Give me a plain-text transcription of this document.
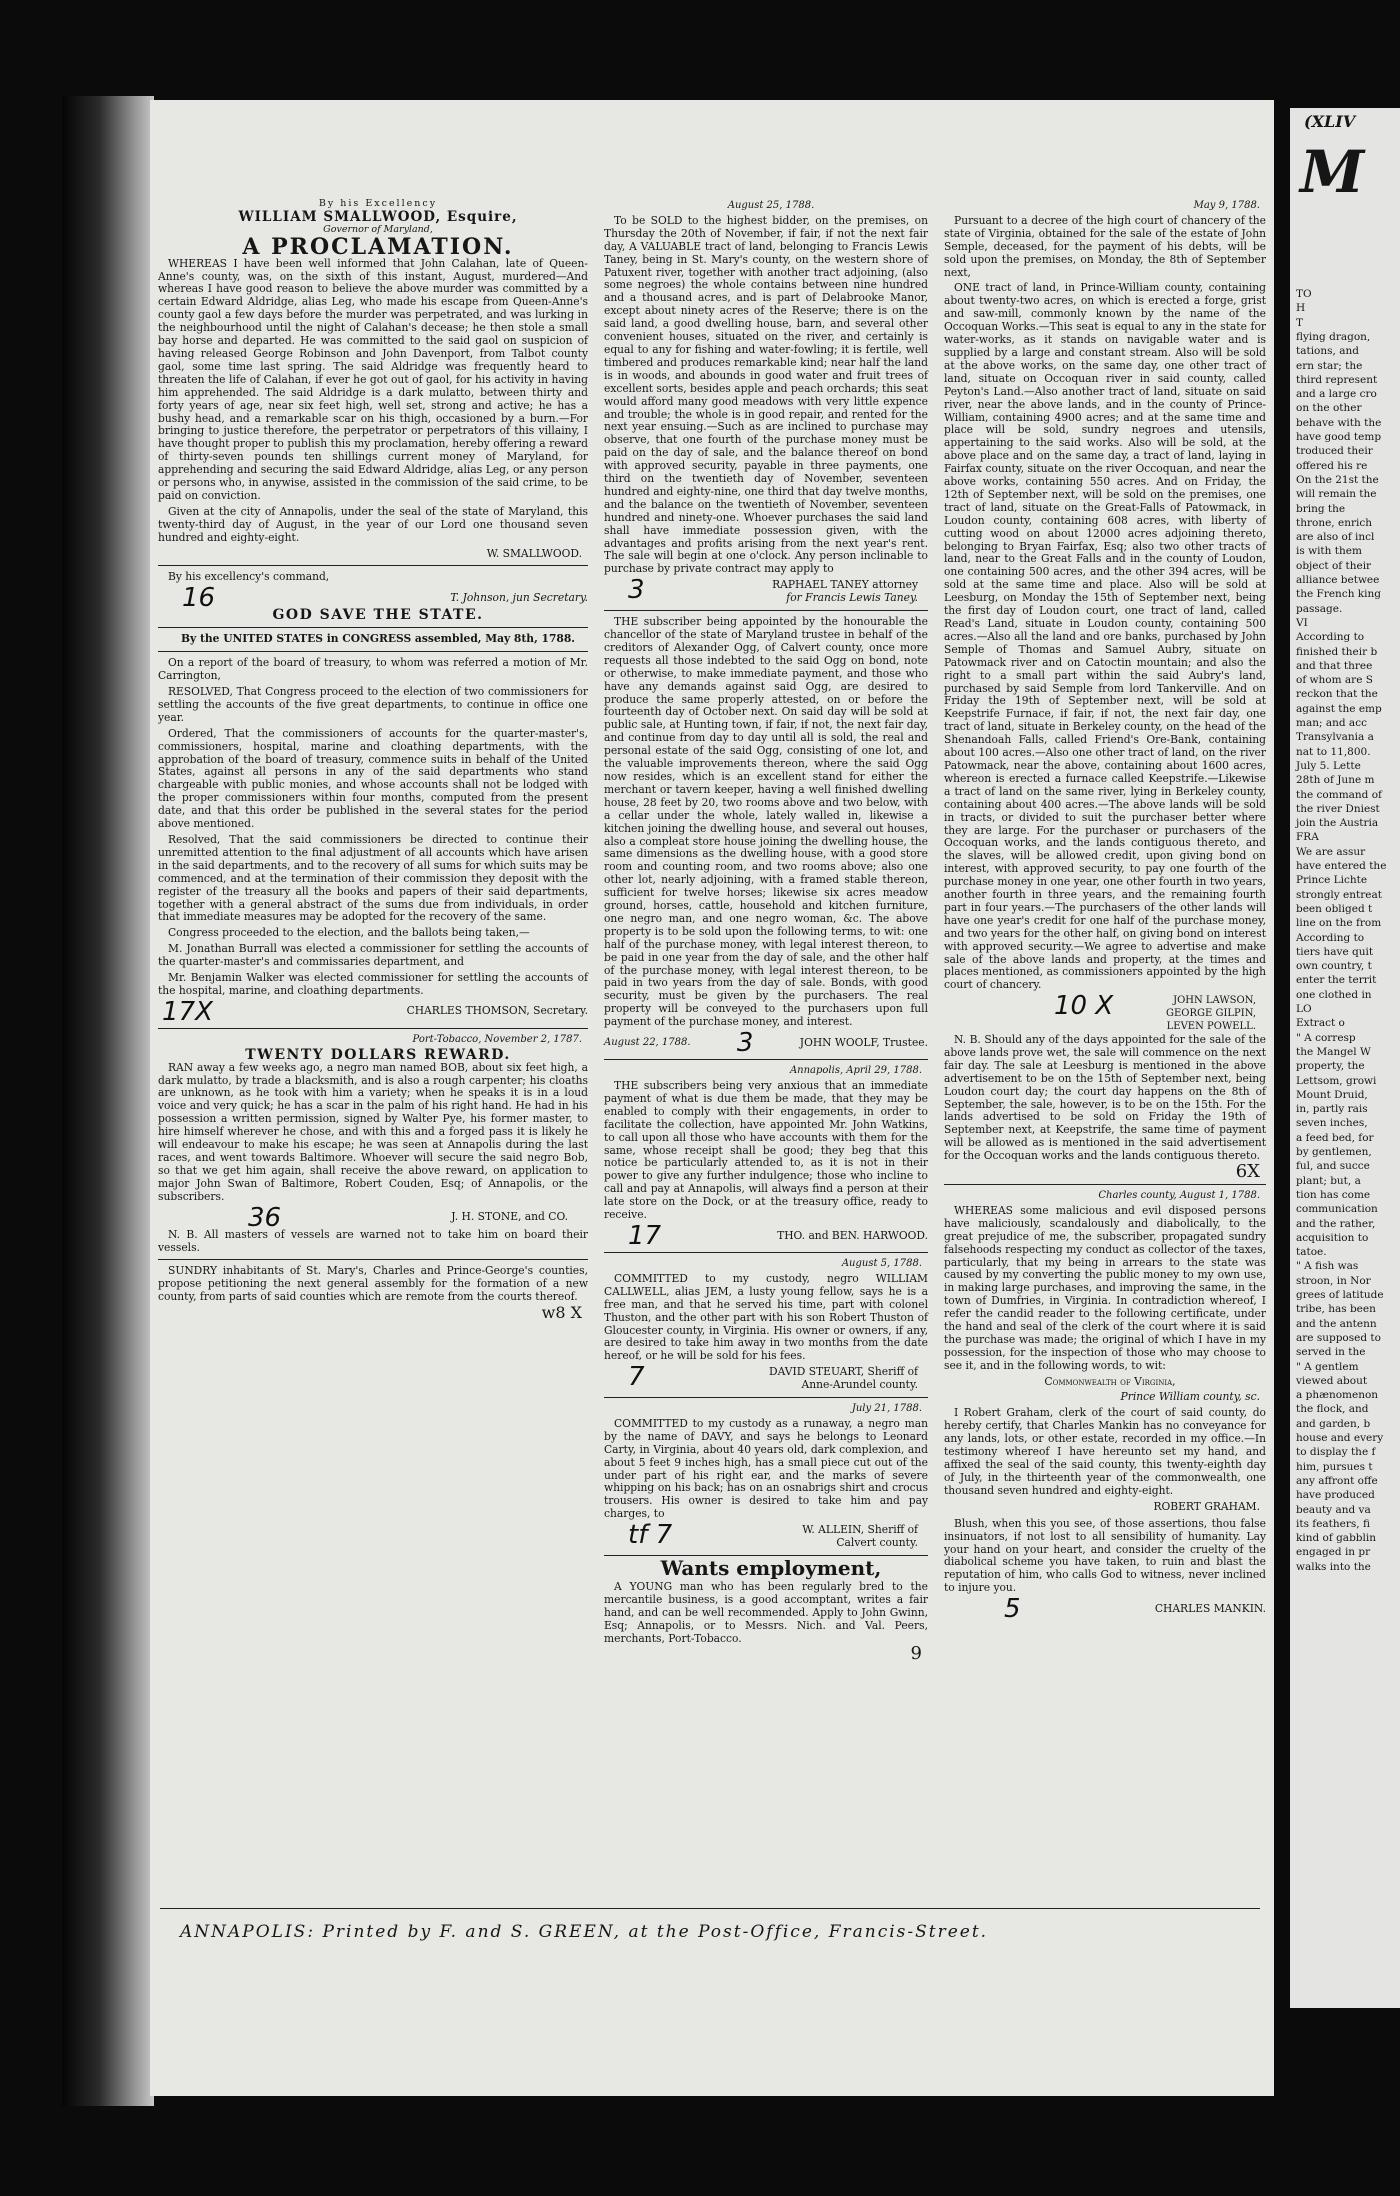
By his Excellency

WILLIAM SMALLWOOD, Esquire,

Governor of Maryland,

A PROCLAMATION.

WHEREAS I have been well informed that John Calahan, late of Queen-Anne's county, was, on the sixth of this instant, August, murdered—And whereas I have good reason to believe the above murder was committed by a certain Edward Aldridge, alias Leg, who made his escape from Queen-Anne's county gaol a few days before the murder was perpetrated, and was lurking in the neighbourhood until the night of Calahan's decease; he then stole a small bay horse and departed. He was committed to the said gaol on suspicion of having released George Robinson and John Davenport, from Talbot county gaol, some time last spring. The said Aldridge was frequently heard to threaten the life of Calahan, if ever he got out of gaol, for his activity in having him apprehended. The said Aldridge is a dark mulatto, between thirty and forty years of age, near six feet high, well set, strong and active; he has a bushy head, and a remarkable scar on his thigh, occasioned by a burn.—For bringing to justice therefore, the perpetrator or perpetrators of this villainy, I have thought proper to publish this my proclamation, hereby offering a reward of thirty-seven pounds ten shillings current money of Maryland, for apprehending and securing the said Edward Aldridge, alias Leg, or any person or persons who, in anywise, assisted in the commission of the said crime, to be paid on conviction.

Given at the city of Annapolis, under the seal of the state of Maryland, this twenty-third day of August, in the year of our Lord one thousand seven hundred and eighty-eight.

W. SMALLWOOD.

By his excellency's command,

16	T. Johnson, jun Secretary.

GOD SAVE THE STATE.

By the UNITED STATES in CONGRESS assembled, May 8th, 1788.

On a report of the board of treasury, to whom was referred a motion of Mr. Carrington,

RESOLVED, That Congress proceed to the election of two commissioners for settling the accounts of the five great departments, to continue in office one year.

Ordered, That the commissioners of accounts for the quarter-master's, commissioners, hospital, marine and cloathing departments, with the approbation of the board of treasury, commence suits in behalf of the United States, against all persons in any of the said departments who stand chargeable with public monies, and whose accounts shall not be lodged with the proper commissioners within four months, computed from the present date, and that this order be published in the several states for the period above mentioned.

Resolved, That the said commissioners be directed to continue their unremitted attention to the final adjustment of all accounts which have arisen in the said departments, and to the recovery of all sums for which suits may be commenced, and at the termination of their commission they deposit with the register of the treasury all the books and papers of their said departments, together with a general abstract of the sums due from individuals, in order that immediate measures may be adopted for the recovery of the same.

Congress proceeded to the election, and the ballots being taken,—

M. Jonathan Burrall was elected a commissioner for settling the accounts of the quarter-master's and commissaries department, and

Mr. Benjamin Walker was elected commissioner for settling the accounts of the hospital, marine, and cloathing departments.

17X	CHARLES THOMSON, Secretary.

Port-Tobacco, November 2, 1787.

TWENTY DOLLARS REWARD.

RAN away a few weeks ago, a negro man named BOB, about six feet high, a dark mulatto, by trade a blacksmith, and is also a rough carpenter; his cloaths are unknown, as he took with him a variety; when he speaks it is in a loud voice and very quick; he has a scar in the palm of his right hand. He had in his possession a written permission, signed by Walter Pye, his former master, to hire himself wherever he chose, and with this and a forged pass it is likely he will endeavour to make his escape; he was seen at Annapolis during the last races, and went towards Baltimore. Whoever will secure the said negro Bob, so that we get him again, shall receive the above reward, on application to major John Swan of Baltimore, Robert Couden, Esq; of Annapolis, or the subscribers.

36	J. H. STONE, and CO.

N. B. All masters of vessels are warned not to take him on board their vessels.

SUNDRY inhabitants of St. Mary's, Charles and Prince-George's counties, propose petitioning the next general assembly for the formation of a new county, from parts of said counties which are remote from the courts thereof.

w8 X

August 25, 1788.

To be SOLD to the highest bidder, on the premises, on Thursday the 20th of November, if fair, if not the next fair day, A VALUABLE tract of land, belonging to Francis Lewis Taney, being in St. Mary's county, on the western shore of Patuxent river, together with another tract adjoining, (also some negroes) the whole contains between nine hundred and a thousand acres, and is part of Delabrooke Manor, except about ninety acres of the Reserve; there is on the said land, a good dwelling house, barn, and several other convenient houses, situated on the river, and certainly is equal to any for fishing and water-fowling; it is fertile, well timbered and produces remarkable kind; near half the land is in woods, and abounds in good water and fruit trees of excellent sorts, besides apple and peach orchards; this seat would afford many good meadows with very little expence and trouble; the whole is in good repair, and rented for the next year ensuing.—Such as are inclined to purchase may observe, that one fourth of the purchase money must be paid on the day of sale, and the balance thereof on bond with approved security, payable in three payments, one third on the twentieth day of November, seventeen hundred and eighty-nine, one third that day twelve months, and the balance on the twentieth of November, seventeen hundred and ninety-one. Whoever purchases the said land shall have immediate possession given, with the advantages and profits arising from the next year's rent. The sale will begin at one o'clock. Any person inclinable to purchase by private contract may apply to

3	RAPHAEL TANEY attorney
for Francis Lewis Taney.

THE subscriber being appointed by the honourable the chancellor of the state of Maryland trustee in behalf of the creditors of Alexander Ogg, of Calvert county, once more requests all those indebted to the said Ogg on bond, note or otherwise, to make immediate payment, and those who have any demands against said Ogg, are desired to produce the same properly attested, on or before the fourteenth day of October next. On said day will be sold at public sale, at Hunting town, if fair, if not, the next fair day, and continue from day to day until all is sold, the real and personal estate of the said Ogg, consisting of one lot, and the valuable improvements thereon, where the said Ogg now resides, which is an excellent stand for either the merchant or tavern keeper, having a well finished dwelling house, 28 feet by 20, two rooms above and two below, with a cellar under the whole, lately walled in, likewise a kitchen joining the dwelling house, and several out houses, also a compleat store house joining the dwelling house, the same dimensions as the dwelling house, with a good store room and counting room, and two rooms above; also one other lot, nearly adjoining, with a framed stable thereon, sufficient for twelve horses; likewise six acres meadow ground, horses, cattle, household and kitchen furniture, one negro man, and one negro woman, &c. The above property is to be sold upon the following terms, to wit: one half of the purchase money, with legal interest thereon, to be paid in one year from the day of sale, and the other half of the purchase money, with legal interest thereon, to be paid in two years from the day of sale. Bonds, with good security, must be given by the purchasers. The real property will be conveyed to the purchasers upon full payment of the purchase money, and interest.

August 22, 1788. 3	JOHN WOOLF, Trustee.

Annapolis, April 29, 1788.

THE subscribers being very anxious that an immediate payment of what is due them be made, that they may be enabled to comply with their engagements, in order to facilitate the collection, have appointed Mr. John Watkins, to call upon all those who have accounts with them for the same, whose receipt shall be good; they beg that this notice be particularly attended to, as it is not in their power to give any further indulgence; those who incline to call and pay at Annapolis, will always find a person at their late store on the Dock, or at the treasury office, ready to receive.

17	THO. and BEN. HARWOOD.

August 5, 1788.

COMMITTED to my custody, negro WILLIAM CALLWELL, alias JEM, a lusty young fellow, says he is a free man, and that he served his time, part with colonel Thuston, and the other part with his son Robert Thuston of Gloucester county, in Virginia. His owner or owners, if any, are desired to take him away in two months from the date hereof, or he will be sold for his fees.

7	DAVID STEUART, Sheriff of
Anne-Arundel county.

July 21, 1788.

COMMITTED to my custody as a runaway, a negro man by the name of DAVY, and says he belongs to Leonard Carty, in Virginia, about 40 years old, dark complexion, and about 5 feet 9 inches high, has a small piece cut out of the under part of his right ear, and the marks of severe whipping on his back; has on an osnabrigs shirt and crocus trousers. His owner is desired to take him and pay charges, to

tf 7	W. ALLEIN, Sheriff of
Calvert county.

Wants employment,

A YOUNG man who has been regularly bred to the mercantile business, is a good accomptant, writes a fair hand, and can be well recommended. Apply to John Gwinn, Esq; Annapolis, or to Messrs. Nich. and Val. Peers, merchants, Port-Tobacco.

9

May 9, 1788.

Pursuant to a decree of the high court of chancery of the state of Virginia, obtained for the sale of the estate of John Semple, deceased, for the payment of his debts, will be sold upon the premises, on Monday, the 8th of September next,

ONE tract of land, in Prince-William county, containing about twenty-two acres, on which is erected a forge, grist and saw-mill, commonly known by the name of the Occoquan Works.—This seat is equal to any in the state for water-works, as it stands on navigable water and is supplied by a large and constant stream. Also will be sold at the above works, on the same day, one other tract of land, situate on Occoquan river in said county, called Peyton's Land.—Also another tract of land, situate on said river, near the above lands, and in the county of Prince-William, containing 4900 acres; and at the same time and place will be sold, sundry negroes and utensils, appertaining to the said works. Also will be sold, at the above place and on the same day, a tract of land, laying in Fairfax county, situate on the river Occoquan, and near the above works, containing 550 acres. And on Friday, the 12th of September next, will be sold on the premises, one tract of land, situate on the Great-Falls of Patowmack, in Loudon county, containing 608 acres, with liberty of cutting wood on about 12000 acres adjoining thereto, belonging to Bryan Fairfax, Esq; also two other tracts of land, near to the Great Falls and in the county of Loudon, one containing 500 acres, and the other 394 acres, will be sold at the same time and place. Also will be sold at Leesburg, on Monday the 15th of September next, being the first day of Loudon court, one tract of land, called Read's Land, situate in Loudon county, containing 500 acres.—Also all the land and ore banks, purchased by John Semple of Thomas and Samuel Aubry, situate on Patowmack river and on Catoctin mountain; and also the right to a small part within the said Aubry's land, purchased by said Semple from lord Tankerville. And on Friday the 19th of September next, will be sold at Keepstrife Furnace, if fair, if not, the next fair day, one tract of land, situate in Berkeley county, on the head of the Shenandoah Falls, called Friend's Ore-Bank, containing about 100 acres.—Also one other tract of land, on the river Patowmack, near the above, containing about 1600 acres, whereon is erected a furnace called Keepstrife.—Likewise a tract of land on the same river, lying in Berkeley county, containing about 400 acres.—The above lands will be sold in tracts, or divided to suit the purchaser better where they are large. For the purchaser or purchasers of the Occoquan works, and the lands contiguous thereto, and the slaves, will be allowed credit, upon giving bond on interest, with approved security, to pay one fourth of the purchase money in one year, one other fourth in two years, another fourth in three years, and the remaining fourth part in four years.—The purchasers of the other lands will have one year's credit for one half of the purchase money, and two years for the other half, on giving bond on interest with approved security.—We agree to advertise and make sale of the above lands and property, at the times and places mentioned, as commissioners appointed by the high court of chancery.

10 X	JOHN LAWSON,
GEORGE GILPIN,
LEVEN POWELL.

N. B. Should any of the days appointed for the sale of the above lands prove wet, the sale will commence on the next fair day. The sale at Leesburg is mentioned in the above advertisement to be on the 15th of September next, being Loudon court day; the court day happens on the 8th of September, the sale, however, is to be on the 15th. For the lands advertised to be sold on Friday the 19th of September next, at Keepstrife, the same time of payment will be allowed as is mentioned in the said advertisement for the Occoquan works and the lands contiguous thereto.

6X

Charles county, August 1, 1788.

WHEREAS some malicious and evil disposed persons have maliciously, scandalously and diabolically, to the great prejudice of me, the subscriber, propagated sundry falsehoods respecting my conduct as collector of the taxes, particularly, that my being in arrears to the state was caused by my converting the public money to my own use, in making large purchases, and improving the same, in the town of Dumfries, in Virginia. In contradiction whereof, I refer the candid reader to the following certificate, under the hand and seal of the clerk of the court where it is said the purchase was made; the original of which I have in my possession, for the inspection of those who may choose to see it, and in the following words, to wit:

Commonwealth of Virginia,

Prince William county, sc.

I Robert Graham, clerk of the court of said county, do hereby certify, that Charles Mankin has no conveyance for any lands, lots, or other estate, recorded in my office.—In testimony whereof I have hereunto set my hand, and affixed the seal of the said county, this twenty-eighth day of July, in the thirteenth year of the commonwealth, one thousand seven hundred and eighty-eight.

ROBERT GRAHAM.

Blush, when this you see, of those assertions, thou false insinuators, if not lost to all sensibility of humanity. Lay your hand on your heart, and consider the cruelty of the diabolical scheme you have taken, to ruin and blast the reputation of him, who calls God to witness, never inclined to injure you.

5	CHARLES MANKIN.
ANNAPOLIS: Printed by F. and S. GREEN, at the Post-Office, Francis-Street.
(XLIV
M
TO
H
T
flying dragon,
tations, and
ern star; the
third represent
and a large cro
on the other
behave with the
have good temp
troduced their
offered his re
On the 21st the
will remain the
bring the
throne, enrich
are also of incl
is with them
object of their
alliance betwee
the French king
passage.
VI
According to
finished their b
and that three
of whom are S
reckon that the
against the emp
man; and acc
Transylvania a
nat to 11,800.
July 5. Lette
28th of June m
the command of
the river Dniest
join the Austria
FRA
We are assur
have entered the
Prince Lichte
strongly entreat
been obliged t
line on the from
According to
tiers have quit
own country, t
enter the territ
one clothed in
LO
Extract o
" A corresp
the Mangel W
property, the
Lettsom, growi
Mount Druid,
in, partly rais
seven inches,
a feed bed, for
by gentlemen,
ful, and succe
plant; but, a
tion has come
communication
and the rather,
acquisition to
tatoe.
" A fish was
stroon, in Nor
grees of latitude
tribe, has been
and the antenn
are supposed to
served in the
" A gentlem
viewed about
a phænomenon
the flock, and
and garden, b
house and every
to display the f
him, pursues t
any affront offe
have produced
beauty and va
its feathers, fi
kind of gabblin
engaged in pr
walks into the
